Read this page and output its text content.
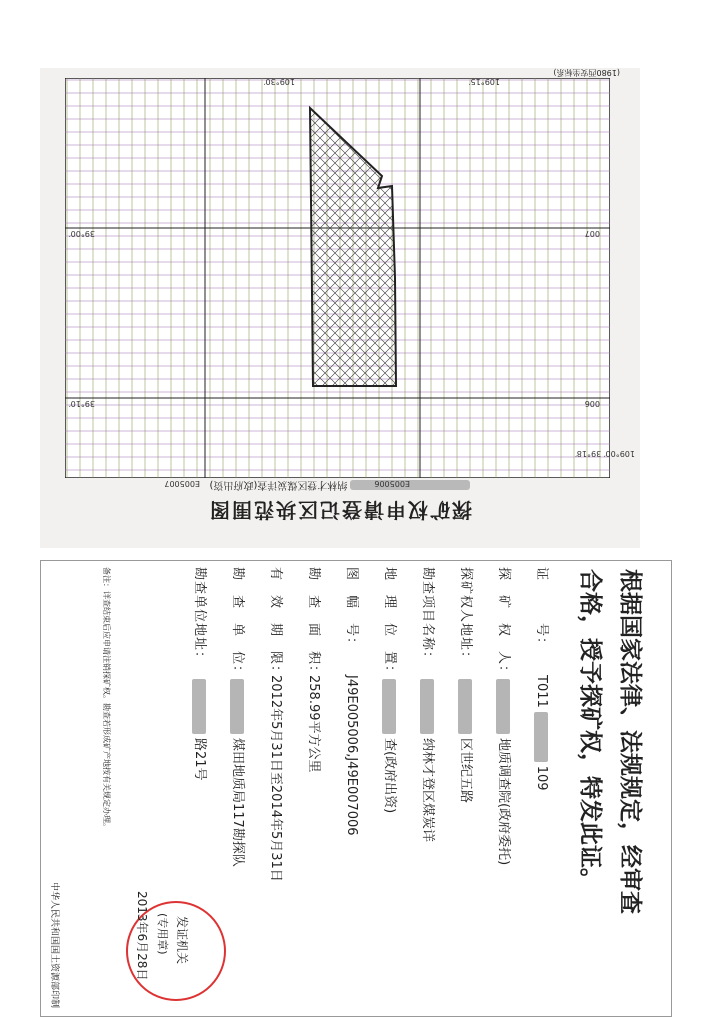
探矿权申请登记区块范围图
纳林才登区煤炭详查(政府出资)	E005006
E005007
109°00′ 39°18′
006
007
39°10′
39°00′
109°15′
109°30′
(1980西安坐标系)
根据国家法律、法规规定，经审查
合格，授予探矿权，特发此证。
证　　　号：T011109
探　矿　权　人：地质调查院(政府委托)
探矿权人地址：区世纪五路
勘查项目名称：纳林才登区煤炭详
地　理　位　置：查(政府出资)
图　幅　号：J49E005006,J49E007006
勘　查　面　积：258.99平方公里
有　效　期　限：2012年5月31日至2014年5月31日
勘　查　单　位：煤田地质局117勘探队
勘查单位地址：路21号
发证机关
(专用章)
2013年6月28日
备注：详查结束后应申请注销探矿权。勘查若形成矿产地按有关规定办理。
中华人民共和国国土资源部印制
